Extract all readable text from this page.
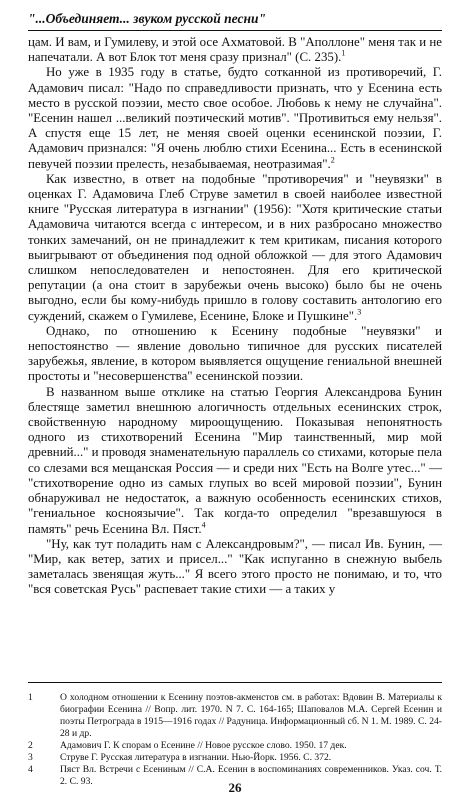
"...Объединяет... звуком русской песни"

цам. И вам, и Гумилеву, и этой осе Ахматовой. В "Аполлоне" меня так и не напечатали. А вот Блок тот меня сразу признал" (С. 235).$^1$

Но уже в 1935 году в статье, будто сотканной из противоречий, Г. Адамович писал: "Надо по справедливости признать, что у Есенина есть место в русской поэзии, место свое особое. Любовь к нему не случайна". "Есенин нашел ...великий поэтический мотив". "Противиться ему нельзя". А спустя еще 15 лет, не меняя своей оценки есенинской поэзии, Г. Адамович признался: "Я очень люблю стихи Есенина... Есть в есенинской певучей поэзии прелесть, незабываемая, неотразимая".$^2$

Как известно, в ответ на подобные "противоречия" и "неувязки" в оценках Г. Адамовича Глеб Струве заметил в своей наиболее известной книге "Русская литература в изгнании" (1956): "Хотя критические статьи Адамовича читаются всегда с интересом, и в них разбросано множество тонких замечаний, он не принадлежит к тем критикам, писания которого выигрывают от объединения под одной обложкой — для этого Адамович слишком непоследователен и непостоянен. Для его критической репутации (а она стоит в зарубежьи очень высоко) было бы не очень выгодно, если бы кому-нибудь пришло в голову составить антологию его суждений, скажем о Гумилеве, Есенине, Блоке и Пушкине".$^3$

Однако, по отношению к Есенину подобные "неувязки" и непостоянство — явление довольно типичное для русских писателей зарубежья, явление, в котором выявляется ощущение гениальной внешней простоты и "несовершенства" есенинской поэзии.

В названном выше отклике на статью Георгия Александрова Бунин блестяще заметил внешнюю алогичность отдельных есенинских строк, свойственную народному мироощущению. Показывая непонятность одного из стихотворений Есенина "Мир таинственный, мир мой древний..." и проводя знаменательную параллель со стихами, которые пела со слезами вся мещанская Россия — и среди них "Есть на Волге утес..." — "стихотворение одно из самых глупых во всей мировой поэзии", Бунин обнаруживал не недостаток, а важную особенность есенинских стихов, "гениальное косноязычие". Так когда-то определил "врезавшуюся в память" речь Есенина Вл. Пяст.$^4$

"Ну, как тут поладить нам с Александровым?", — писал Ив. Бунин, — "Мир, как ветер, затих и присел..." "Как испуганно в снежную выбель заметалась звенящая жуть..." Я всего этого просто не понимаю, и то, что "вся советская Русь" распевает такие стихи — а таких у

1	О холодном отношении к Есенину поэтов-акменстов см. в работах: Вдовин В. Материалы к биографии Есенина // Вопр. лит. 1970. N 7. С. 164-165; Шаповалов М.А. Сергей Есенин и поэты Петрограда в 1915—1916 годах // Радуница. Информационный сб. N 1. М. 1989. С. 24-28 и др.
2	Адамович Г. К спорам о Есенине // Новое русское слово. 1950. 17 дек.
3	Струве Г. Русская литература в изгнании. Нью-Йорк. 1956. С. 372.
4	Пяст Вл. Встречи с Есениным // С.А. Есенин в воспоминаниях современников. Указ. соч. Т. 2. С. 93.	26
